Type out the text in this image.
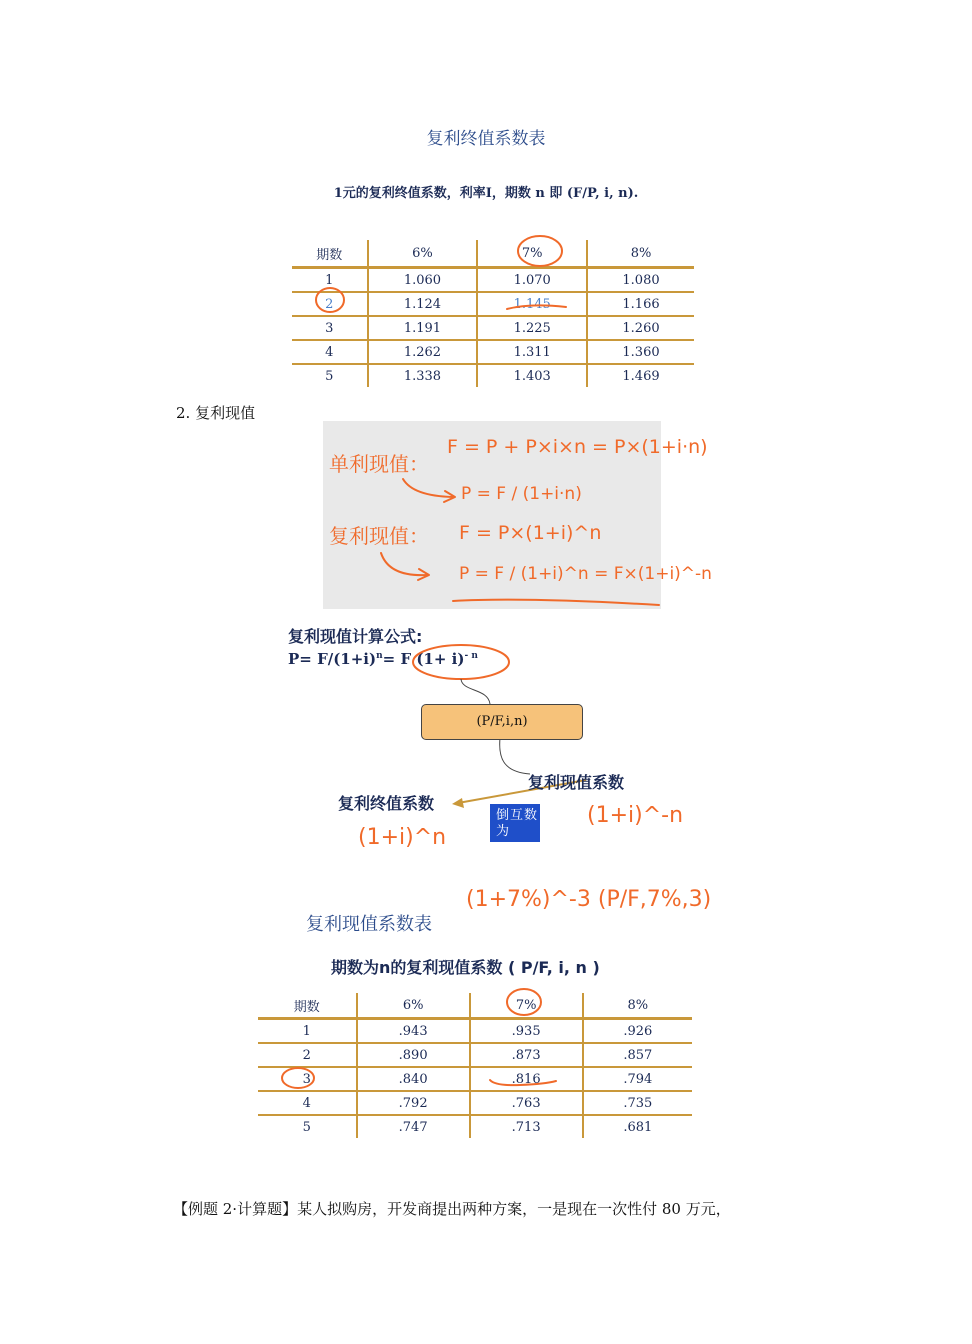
复利终值系数表
1元的复利终值系数，利率I，期数 n 即 (F/P, i, n).
期数	6%	7%	8%
1	1.060	1.070	1.080
2	1.124	1.145	1.166
3	1.191	1.225	1.260
4	1.262	1.311	1.360
5	1.338	1.403	1.469
2. 复利现值
单利现值：
F = P + P×i×n = P×(1+i·n)
P = F / (1+i·n)
复利现值： F = P×(1+i)^n
P = F / (1+i)^n = F×(1+i)^-n
复利现值计算公式:
$P= F/(1+i)^n= F$ $(1+ i)^{- n}$
(P/F,i,n)
复利现值系数
复利终值系数
倒互数为
(1+i)^-n
(1+i)^n
复利现值系数表
(1+7%)^-3 (P/F,7%,3)
期数为n的复利现值系数 ( P/F, i, n )
期数	6%	7%	8%
1	.943	.935	.926
2	.890	.873	.857
3	.840	.816	.794
4	.792	.763	.735
5	.747	.713	.681
【例题 2·计算题】某人拟购房，开发商提出两种方案，一是现在一次性付 80 万元，
